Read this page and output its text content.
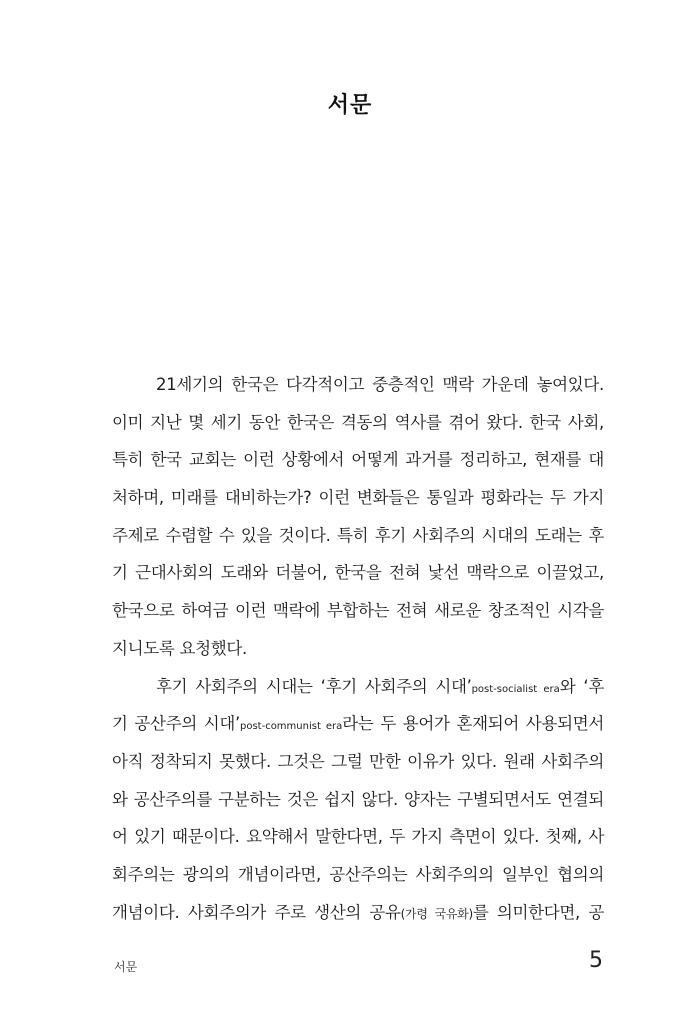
서문
21세기의 한국은 다각적이고 중층적인 맥락 가운데 놓여있다.
이미 지난 몇 세기 동안 한국은 격동의 역사를 겪어 왔다. 한국 사회,
특히 한국 교회는 이런 상황에서 어떻게 과거를 정리하고, 현재를 대
처하며, 미래를 대비하는가? 이런 변화들은 통일과 평화라는 두 가지
주제로 수렴할 수 있을 것이다. 특히 후기 사회주의 시대의 도래는 후
기 근대사회의 도래와 더불어, 한국을 전혀 낯선 맥락으로 이끌었고,
한국으로 하여금 이런 맥락에 부합하는 전혀 새로운 창조적인 시각을
지니도록 요청했다.
후기 사회주의 시대는 ‘후기 사회주의 시대’post-socialist era와 ‘후
기 공산주의 시대’post-communist era라는 두 용어가 혼재되어 사용되면서
아직 정착되지 못했다. 그것은 그럴 만한 이유가 있다. 원래 사회주의
와 공산주의를 구분하는 것은 쉽지 않다. 양자는 구별되면서도 연결되
어 있기 때문이다. 요약해서 말한다면, 두 가지 측면이 있다. 첫째, 사
회주의는 광의의 개념이라면, 공산주의는 사회주의의 일부인 협의의
개념이다. 사회주의가 주로 생산의 공유(가령 국유화)를 의미한다면, 공
서문	5
